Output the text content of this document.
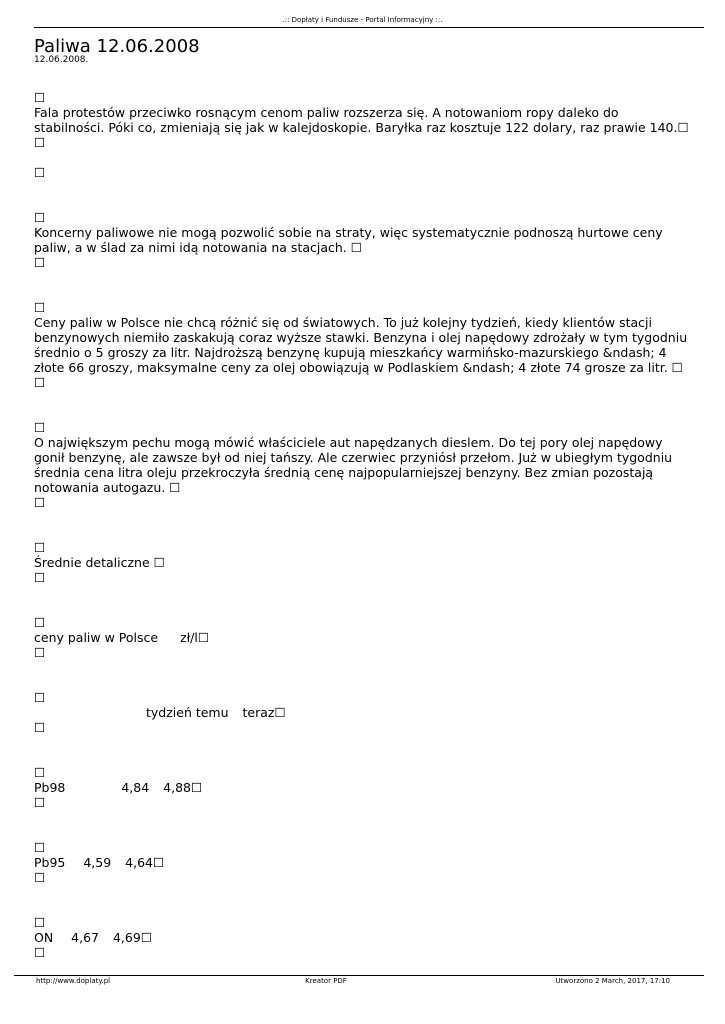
.:: Dopłaty i Fundusze - Portal Informacyjny ::.
Paliwa 12.06.2008
12.06.2008.
☐
Fala protestów przeciwko rosnącym cenom paliw rozszerza się. A notowaniom ropy daleko do stabilności. Póki co, zmieniają się jak w kalejdoskopie. Baryłka raz kosztuje 122 dolary, raz prawie 140.☐
☐
☐
☐
Koncerny paliwowe nie mogą pozwolić sobie na straty, więc systematycznie podnoszą hurtowe ceny paliw, a w ślad za nimi idą notowania na stacjach. ☐
☐
☐
Ceny paliw w Polsce nie chcą różnić się od światowych. To już kolejny tydzień, kiedy klientów stacji benzynowych niemiło zaskakują coraz wyższe stawki. Benzyna i olej napędowy zdrożały w tym tygodniu średnio o 5 groszy za litr. Najdroższą benzynę kupują mieszkańcy warmińsko-mazurskiego &ndash; 4 złote 66 groszy, maksymalne ceny za olej obowiązują w Podlaskiem &ndash; 4 złote 74 grosze za litr. ☐
☐
☐
O największym pechu mogą mówić właściciele aut napędzanych dieslem. Do tej pory olej napędowy gonił benzynę, ale zawsze był od niej tańszy. Ale czerwiec przyniósł przełom. Już w ubiegłym tygodniu średnia cena litra oleju przekroczyła średnią cenę najpopularniejszej benzyny. Bez zmian pozostają notowania autogazu. ☐
☐
☐
Średnie detaliczne ☐
☐
☐
ceny paliw w Polsce zł/l☐
☐
☐
tydzień temu teraz☐
☐
☐
Pb98	4,84 4,88☐
☐
☐
Pb95 4,59 4,64☐
☐
☐
ON 4,67 4,69☐
☐
http://www.doplaty.pl	Kreator PDF	Utworzono 2 March, 2017, 17:10
